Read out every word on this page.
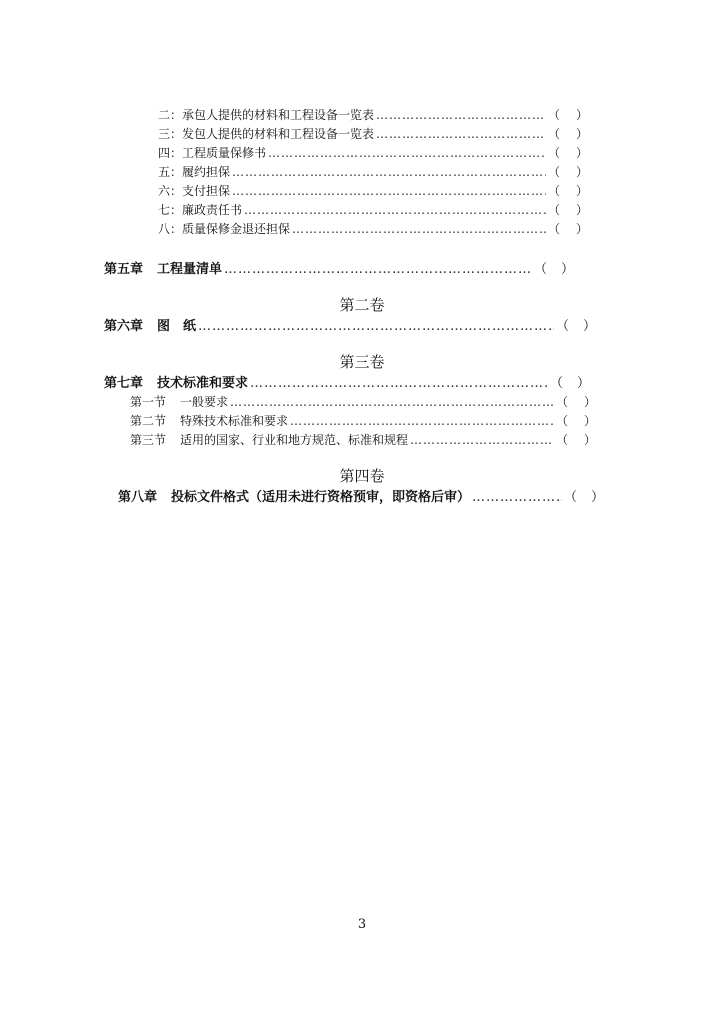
二：承包人提供的材料和工程设备一览表 ……………………………………………………………………………………………………………………………………………………………………………………………	（ ）
三：发包人提供的材料和工程设备一览表 ……………………………………………………………………………………………………………………………………………………………………………………………	（ ）
四：工程质量保修书 ……………………………………………………………………………………………………………………………………………………………………………………………	（ ）
五：履约担保 ……………………………………………………………………………………………………………………………………………………………………………………………	（ ）
六：支付担保 ……………………………………………………………………………………………………………………………………………………………………………………………	（ ）
七：廉政责任书 ……………………………………………………………………………………………………………………………………………………………………………………………	（ ）
八：质量保修金退还担保 ……………………………………………………………………………………………………………………………………………………………………………………………	（ ）
第五章 工程量清单 ……………………………………………………………………………………………………………………………………………………………………………………………	（ ）
第二卷
第六章 图　纸 ……………………………………………………………………………………………………………………………………………………………………………………………	（ ）
第三卷
第七章 技术标准和要求 ……………………………………………………………………………………………………………………………………………………………………………………………	（ ）
第一节 一般要求 ……………………………………………………………………………………………………………………………………………………………………………………………	（ ）
第二节 特殊技术标准和要求 ……………………………………………………………………………………………………………………………………………………………………………………………	（ ）
第三节 适用的国家、行业和地方规范、标准和规程 ……………………………………………………………………………………………………………………………………………………………………………………………	（ ）
第四卷
第八章 投标文件格式（适用未进行资格预审，即资格后审） ……………………………………………………………………………………………………………………………………………………………………………………………	（ ）
3
